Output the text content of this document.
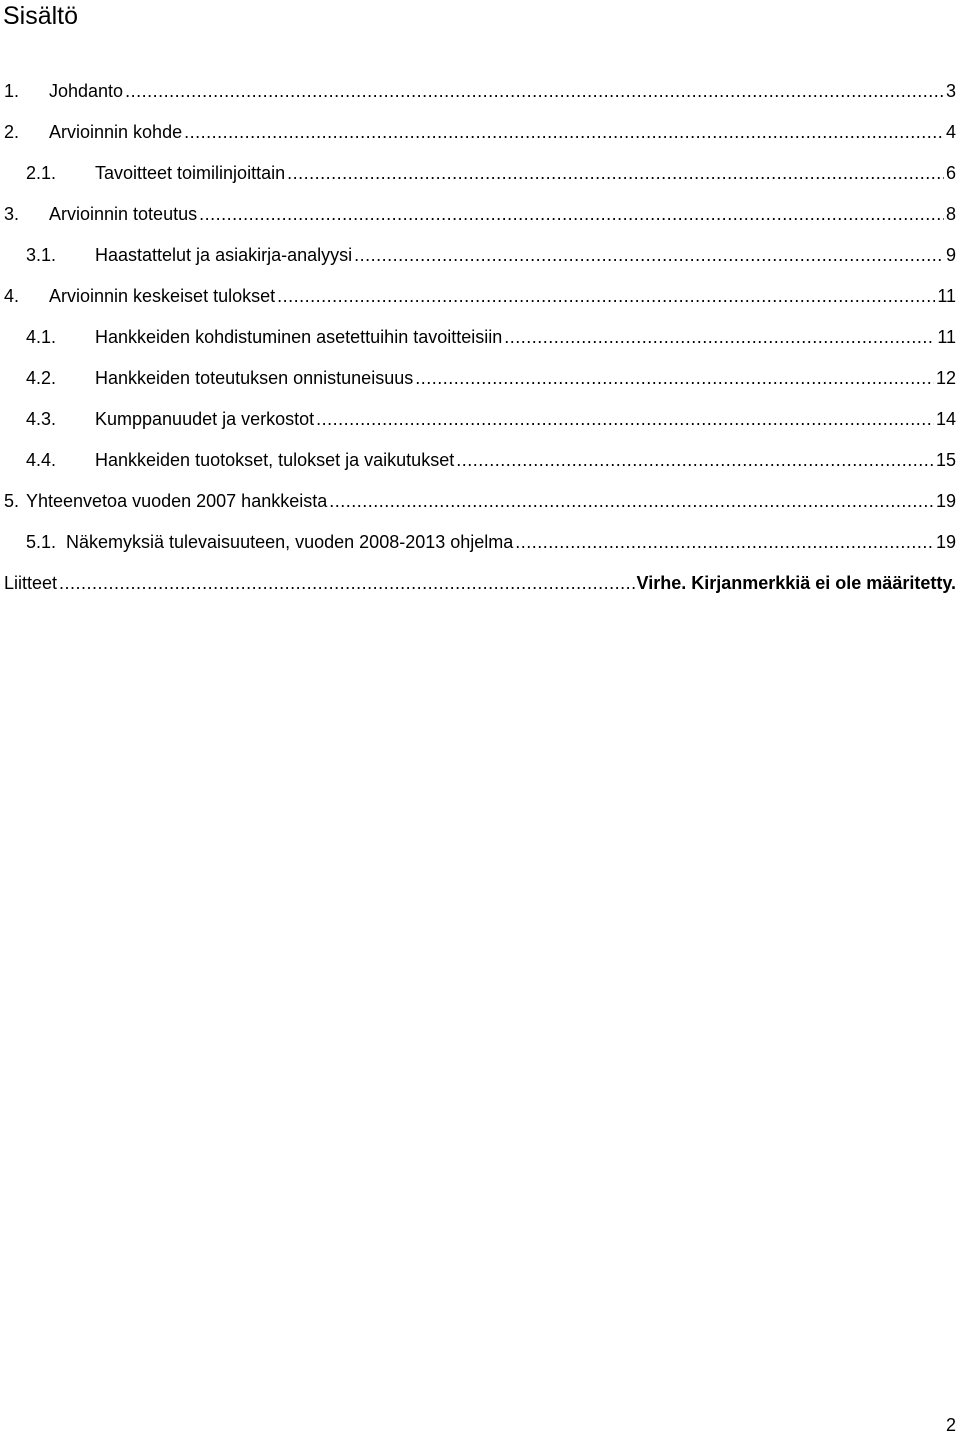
Sisältö
1.	Johdanto .....	3
2.	Arvioinnin kohde .....	4
2.1.	Tavoitteet toimilinjoittain .....	6
3.	Arvioinnin toteutus .....	8
3.1.	Haastattelut ja asiakirja-analyysi .....	9
4.	Arvioinnin keskeiset tulokset .....	11
4.1.	Hankkeiden kohdistuminen asetettuihin tavoitteisiin .....	11
4.2.	Hankkeiden toteutuksen onnistuneisuus .....	12
4.3.	Kumppanuudet ja verkostot .....	14
4.4.	Hankkeiden tuotokset, tulokset ja vaikutukset .....	15
5. Yhteenvetoa vuoden 2007 hankkeista .....	19
5.1. Näkemyksiä tulevaisuuteen, vuoden 2008-2013 ohjelma .....	19
Liitteet .....	Virhe. Kirjanmerkkiä ei ole määritetty.
2
